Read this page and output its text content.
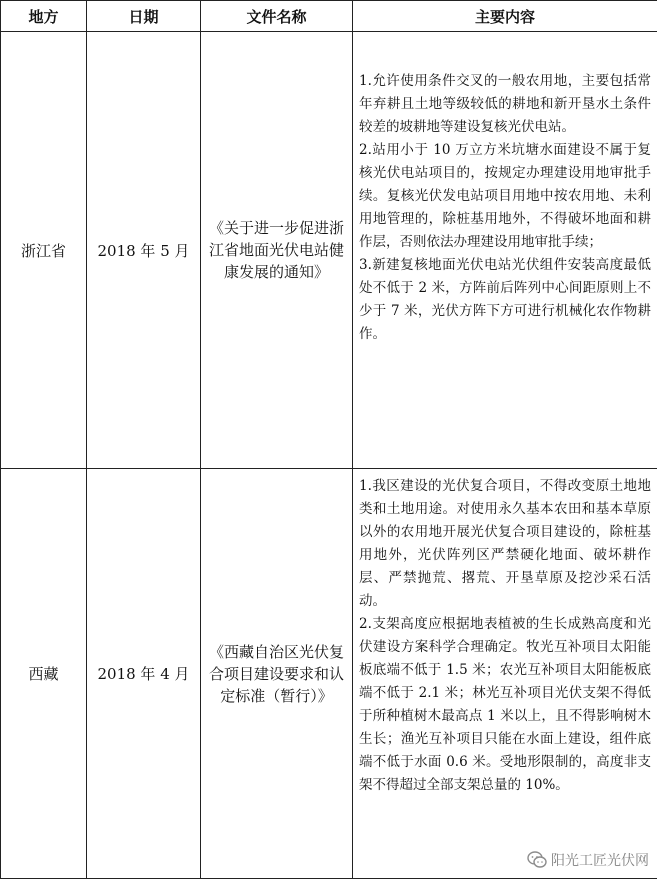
地方	日期	文件名称	主要内容
浙江省	2018 年 5 月	《关于进一步促进浙江省地面光伏电站健康发展的通知》	1.允许使用条件交叉的一般农用地，主要包括常年弃耕且土地等级较低的耕地和新开垦水土条件较差的坡耕地等建设复核光伏电站。

2.站用小于 10 万立方米坑塘水面建设不属于复核光伏电站项目的，按规定办理建设用地审批手续。复核光伏发电站项目用地中按农用地、未利用地管理的，除桩基用地外，不得破坏地面和耕作层，否则依法办理建设用地审批手续；

3.新建复核地面光伏电站光伏组件安装高度最低处不低于 2 米，方阵前后阵列中心间距原则上不少于 7 米，光伏方阵下方可进行机械化农作物耕作。

西藏	2018 年 4 月	《西藏自治区光伏复合项目建设要求和认定标准（暂行）》	1.我区建设的光伏复合项目，不得改变原土地地类和土地用途。对使用永久基本农田和基本草原以外的农用地开展光伏复合项目建设的，除桩基用地外，光伏阵列区严禁硬化地面、破坏耕作层、严禁抛荒、撂荒、开垦草原及挖沙采石活动。

2.支架高度应根据地表植被的生长成熟高度和光伏建设方案科学合理确定。牧光互补项目太阳能板底端不低于 1.5 米；农光互补项目太阳能板底端不低于 2.1 米；林光互补项目光伏支架不得低于所种植树木最高点 1 米以上，且不得影响树木生长；渔光互补项目只能在水面上建设，组件底端不低于水面 0.6 米。受地形限制的，高度非支架不得超过全部支架总量的 10%。

阳光工匠光伏网
